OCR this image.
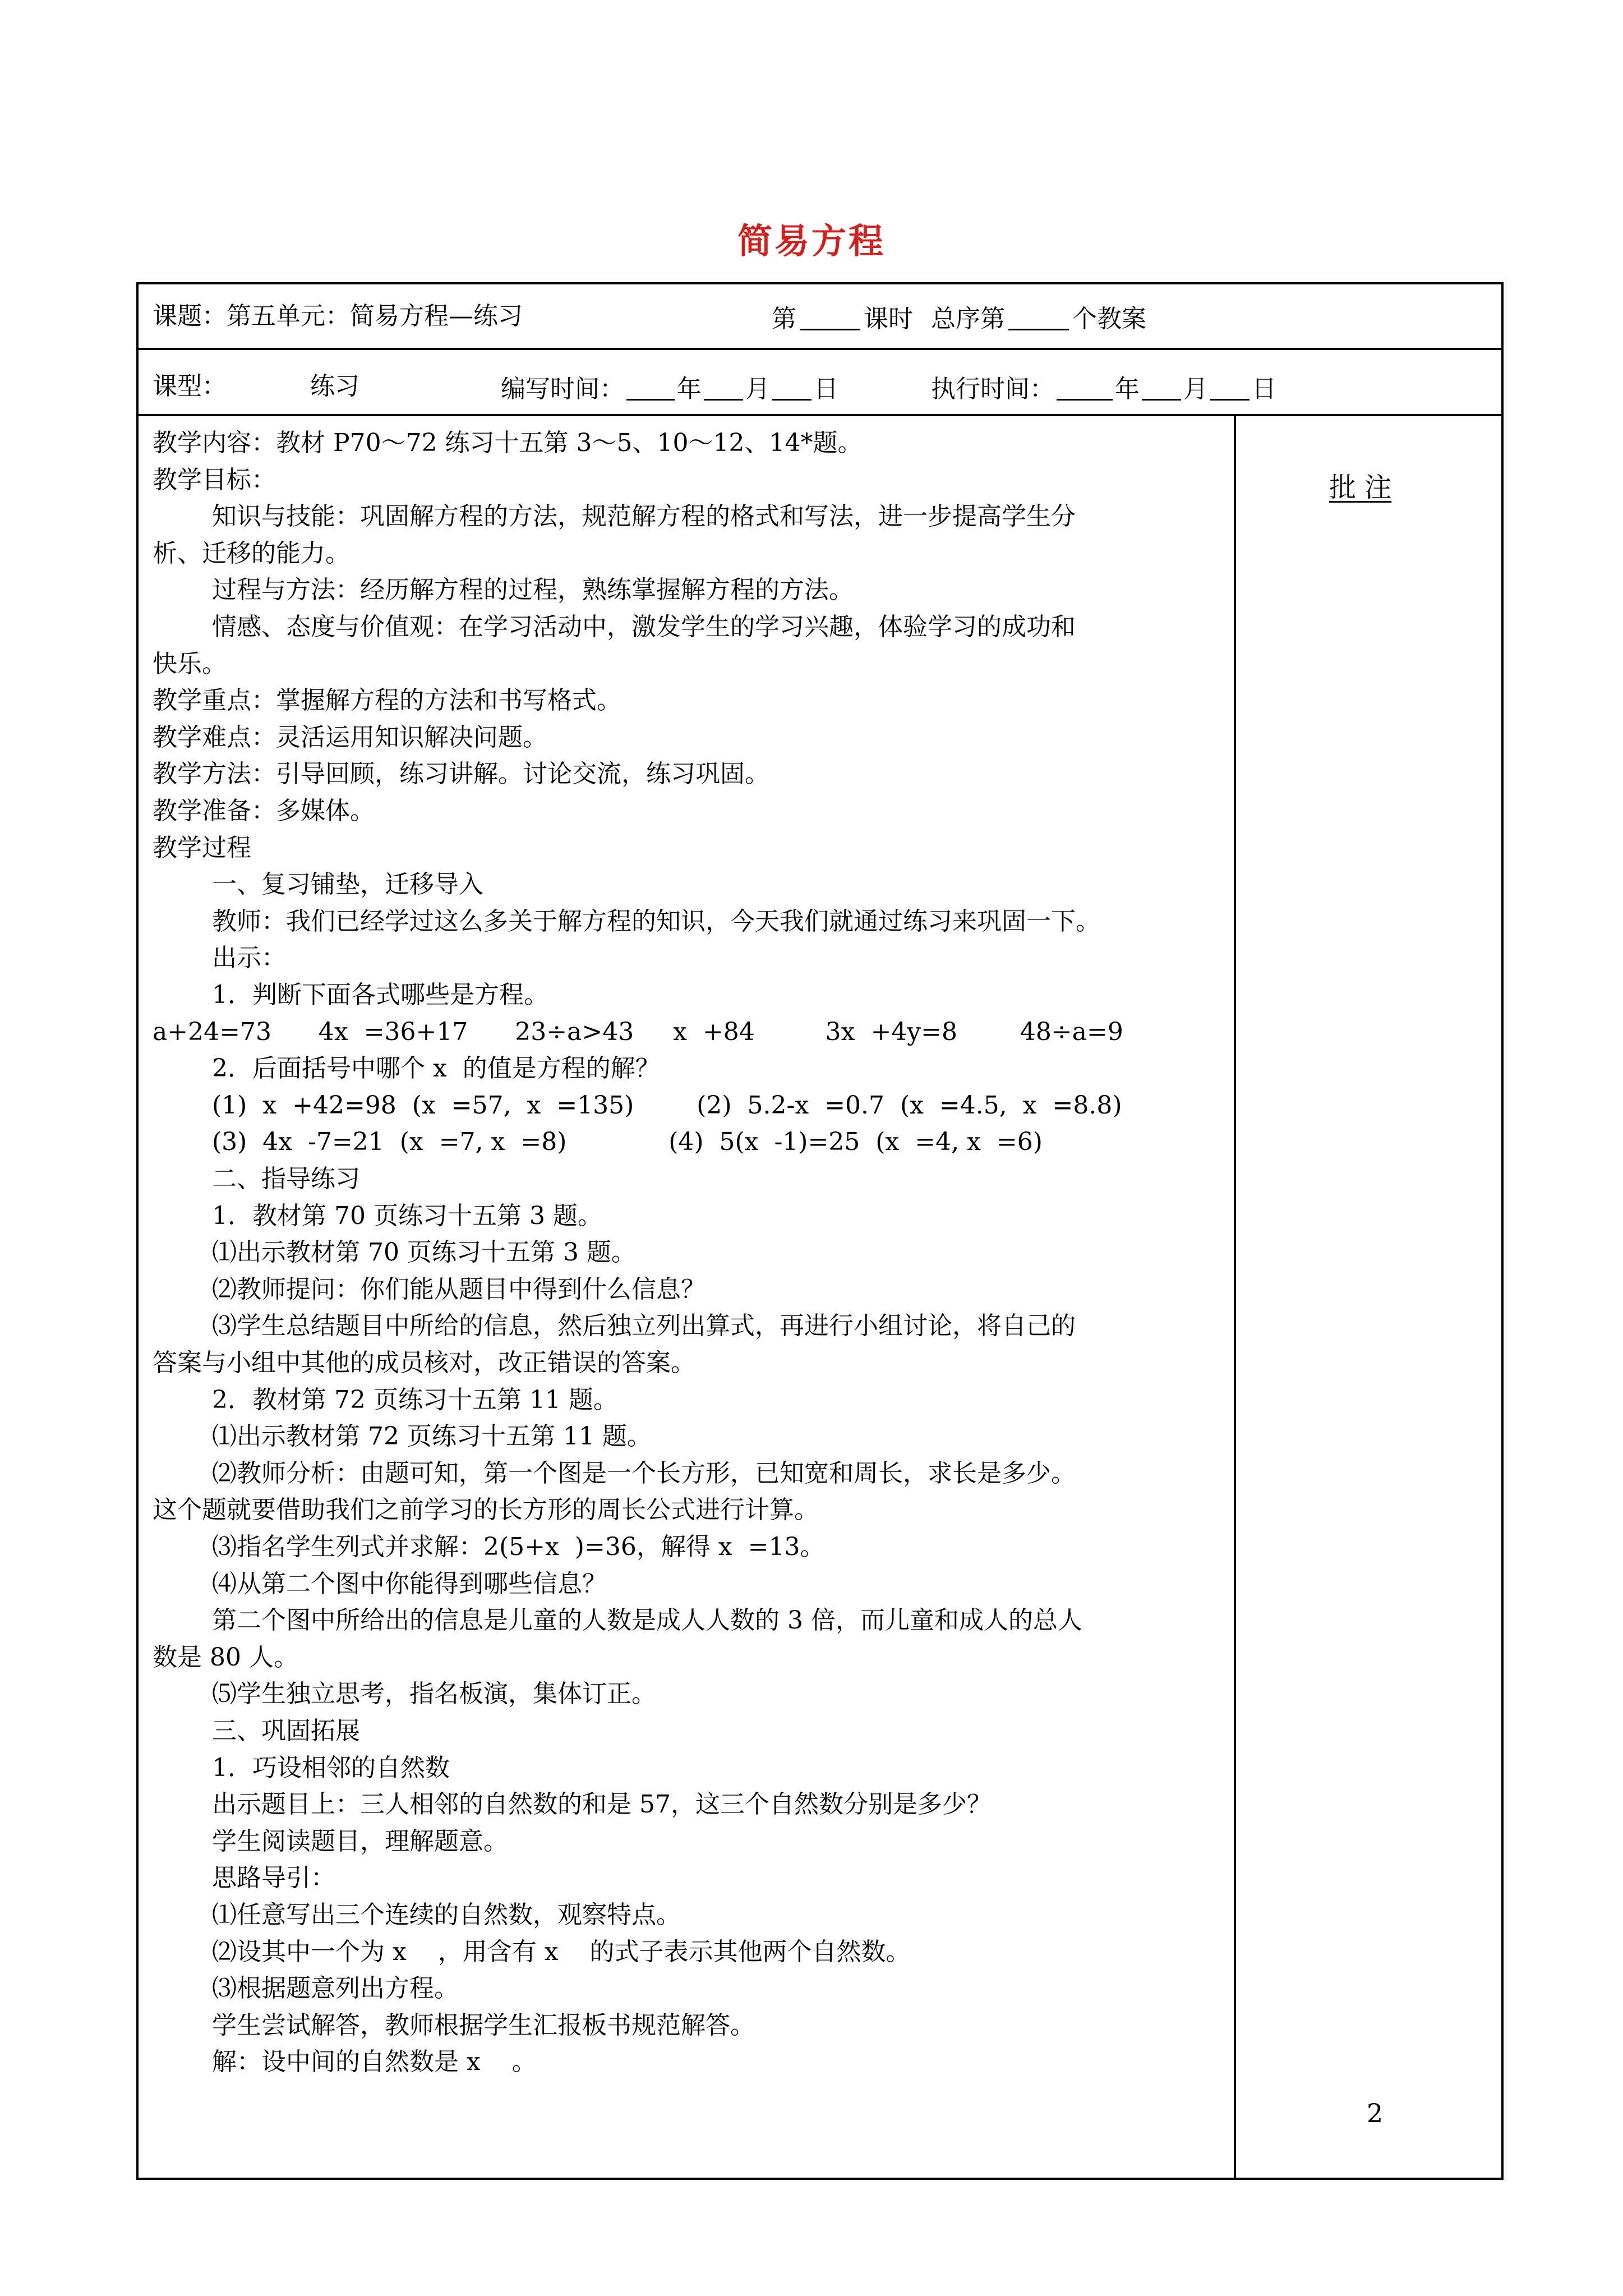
简易方程
课题：第五单元：简易方程—练习	第	课时 总序第	个教案
课型：	练习	编写时间： 年 月 日	执行时间： 年 月 日
批 注
教学内容：教材 P70～72 练习十五第 3～5、10～12、14*题。
教学目标：
知识与技能：巩固解方程的方法，规范解方程的格式和写法，进一步提高学生分
析、迁移的能力。
过程与方法：经历解方程的过程，熟练掌握解方程的方法。
情感、态度与价值观：在学习活动中，激发学生的学习兴趣，体验学习的成功和
快乐。
教学重点：掌握解方程的方法和书写格式。
教学难点：灵活运用知识解决问题。
教学方法：引导回顾，练习讲解。讨论交流，练习巩固。
教学准备：多媒体。
教学过程
一、复习铺垫，迁移导入
教师：我们已经学过这么多关于解方程的知识，今天我们就通过练习来巩固一下。
出示：
1．判断下面各式哪些是方程。
a+24=73      4x  =36+17      23÷a>43     x  +84         3x  +4y=8        48÷a=9
2．后面括号中哪个 x  的值是方程的解？
(1)  x  +42=98  (x  =57,  x  =135)        (2)  5.2-x  =0.7  (x  =4.5,  x  =8.8)
(3)  4x  -7=21  (x  =7, x  =8)             (4)  5(x  -1)=25  (x  =4, x  =6)
二、指导练习
1．教材第 70 页练习十五第 3 题。
⑴出示教材第 70 页练习十五第 3 题。
⑵教师提问：你们能从题目中得到什么信息？
⑶学生总结题目中所给的信息，然后独立列出算式，再进行小组讨论，将自己的
答案与小组中其他的成员核对，改正错误的答案。
2．教材第 72 页练习十五第 11 题。
⑴出示教材第 72 页练习十五第 11 题。
⑵教师分析：由题可知，第一个图是一个长方形，已知宽和周长，求长是多少。
这个题就要借助我们之前学习的长方形的周长公式进行计算。
⑶指名学生列式并求解：2(5+x  )=36，解得 x  =13。
⑷从第二个图中你能得到哪些信息？
第二个图中所给出的信息是儿童的人数是成人人数的 3 倍，而儿童和成人的总人
数是 80 人。
⑸学生独立思考，指名板演，集体订正。
三、巩固拓展
1．巧设相邻的自然数
出示题目上：三人相邻的自然数的和是 57，这三个自然数分别是多少？
学生阅读题目，理解题意。
思路导引：
⑴任意写出三个连续的自然数，观察特点。
⑵设其中一个为 x    ，用含有 x    的式子表示其他两个自然数。
⑶根据题意列出方程。
学生尝试解答，教师根据学生汇报板书规范解答。
解：设中间的自然数是 x    。
2
